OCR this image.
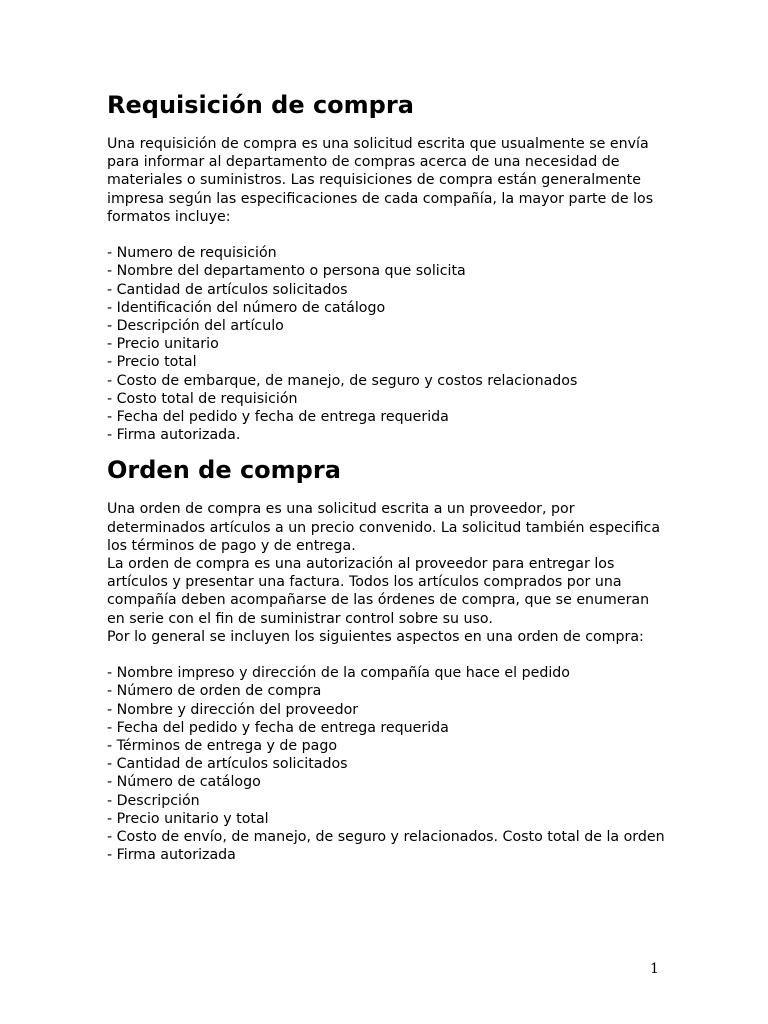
Requisición de compra

Una requisición de compra es una solicitud escrita que usualmente se envía para informar al departamento de compras acerca de una necesidad de materiales o suministros. Las requisiciones de compra están generalmente impresa según las especificaciones de cada compañía, la mayor parte de los formatos incluye:

- Numero de requisición
- Nombre del departamento o persona que solicita
- Cantidad de artículos solicitados
- Identificación del número de catálogo
- Descripción del artículo
- Precio unitario
- Precio total
- Costo de embarque, de manejo, de seguro y costos relacionados
- Costo total de requisición
- Fecha del pedido y fecha de entrega requerida
- Firma autorizada.
Orden de compra

Una orden de compra es una solicitud escrita a un proveedor, por determinados artículos a un precio convenido. La solicitud también especifica los términos de pago y de entrega.

La orden de compra es una autorización al proveedor para entregar los artículos y presentar una factura. Todos los artículos comprados por una compañía deben acompañarse de las órdenes de compra, que se enumeran en serie con el fin de suministrar control sobre su uso.

Por lo general se incluyen los siguientes aspectos en una orden de compra:

- Nombre impreso y dirección de la compañía que hace el pedido
- Número de orden de compra
- Nombre y dirección del proveedor
- Fecha del pedido y fecha de entrega requerida
- Términos de entrega y de pago
- Cantidad de artículos solicitados
- Número de catálogo
- Descripción
- Precio unitario y total
- Costo de envío, de manejo, de seguro y relacionados. Costo total de la orden
- Firma autorizada
1
